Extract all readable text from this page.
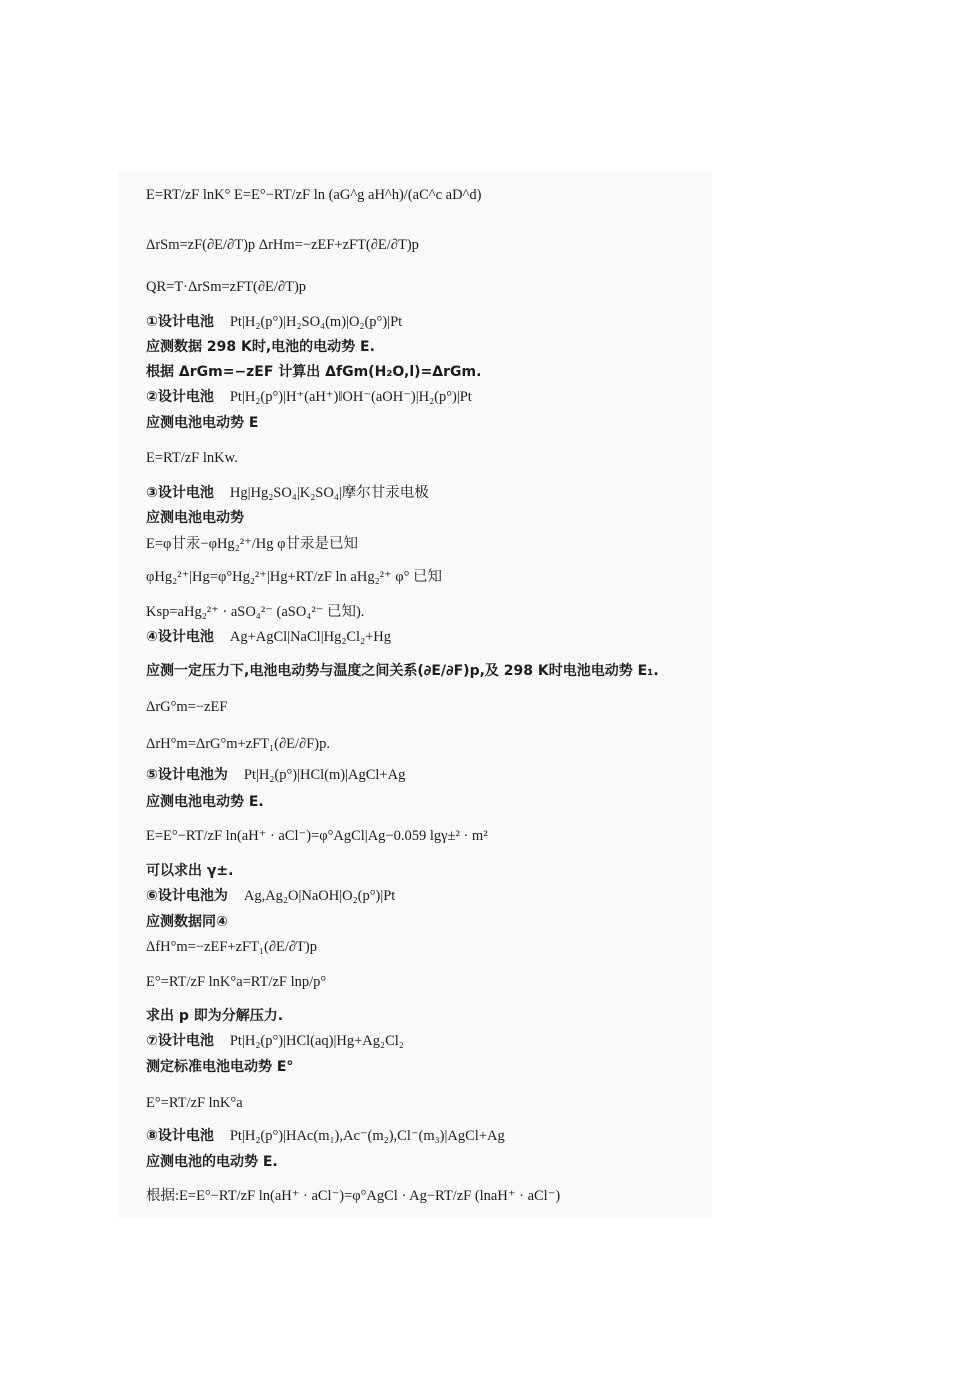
E=RT/zF lnK° E=E°−RT/zF ln (aG^g aH^h)/(aC^c aD^d)
ΔrSm=zF(∂E/∂T)p ΔrHm=−zEF+zFT(∂E/∂T)p
QR=T·ΔrSm=zFT(∂E/∂T)p
①设计电池 Pt|H₂(p°)|H₂SO₄(m)|O₂(p°)|Pt
应测数据 298 K时,电池的电动势 E.
根据 ΔrGm=−zEF 计算出 ΔfGm(H₂O,l)=ΔrGm.
②设计电池 Pt|H₂(p°)|H⁺(aH⁺)‖OH⁻(aOH⁻)|H₂(p°)|Pt
应测电池电动势 E
E=RT/zF lnKw.
③设计电池 Hg|Hg₂SO₄|K₂SO₄|摩尔甘汞电极
应测电池电动势
E=φ甘汞−φHg₂²⁺/Hg φ甘汞是已知
φHg₂²⁺|Hg=φ°Hg₂²⁺|Hg+RT/zF ln aHg₂²⁺ φ° 已知
Ksp=aHg₂²⁺ · aSO₄²⁻ (aSO₄²⁻ 已知).
④设计电池 Ag+AgCl|NaCl|Hg₂Cl₂+Hg
应测一定压力下,电池电动势与温度之间关系(∂E/∂F)p,及 298 K时电池电动势 E₁.
ΔrG°m=−zEF
ΔrH°m=ΔrG°m+zFT₁(∂E/∂F)p.
⑤设计电池为 Pt|H₂(p°)|HCl(m)|AgCl+Ag
应测电池电动势 E.
E=E°−RT/zF ln(aH⁺ · aCl⁻)=φ°AgCl|Ag−0.059 lgγ±² · m²
可以求出 γ±.
⑥设计电池为 Ag,Ag₂O|NaOH|O₂(p°)|Pt
应测数据同④
ΔfH°m=−zEF+zFT₁(∂E/∂T)p
E°=RT/zF lnK°a=RT/zF lnp/p°
求出 p 即为分解压力.
⑦设计电池 Pt|H₂(p°)|HCl(aq)|Hg+Ag₂Cl₂
测定标准电池电动势 E°
E°=RT/zF lnK°a
⑧设计电池 Pt|H₂(p°)|HAc(m₁),Ac⁻(m₂),Cl⁻(m₃)|AgCl+Ag
应测电池的电动势 E.
根据:E=E°−RT/zF ln(aH⁺ · aCl⁻)=φ°AgCl · Ag−RT/zF (lnaH⁺ · aCl⁻)
